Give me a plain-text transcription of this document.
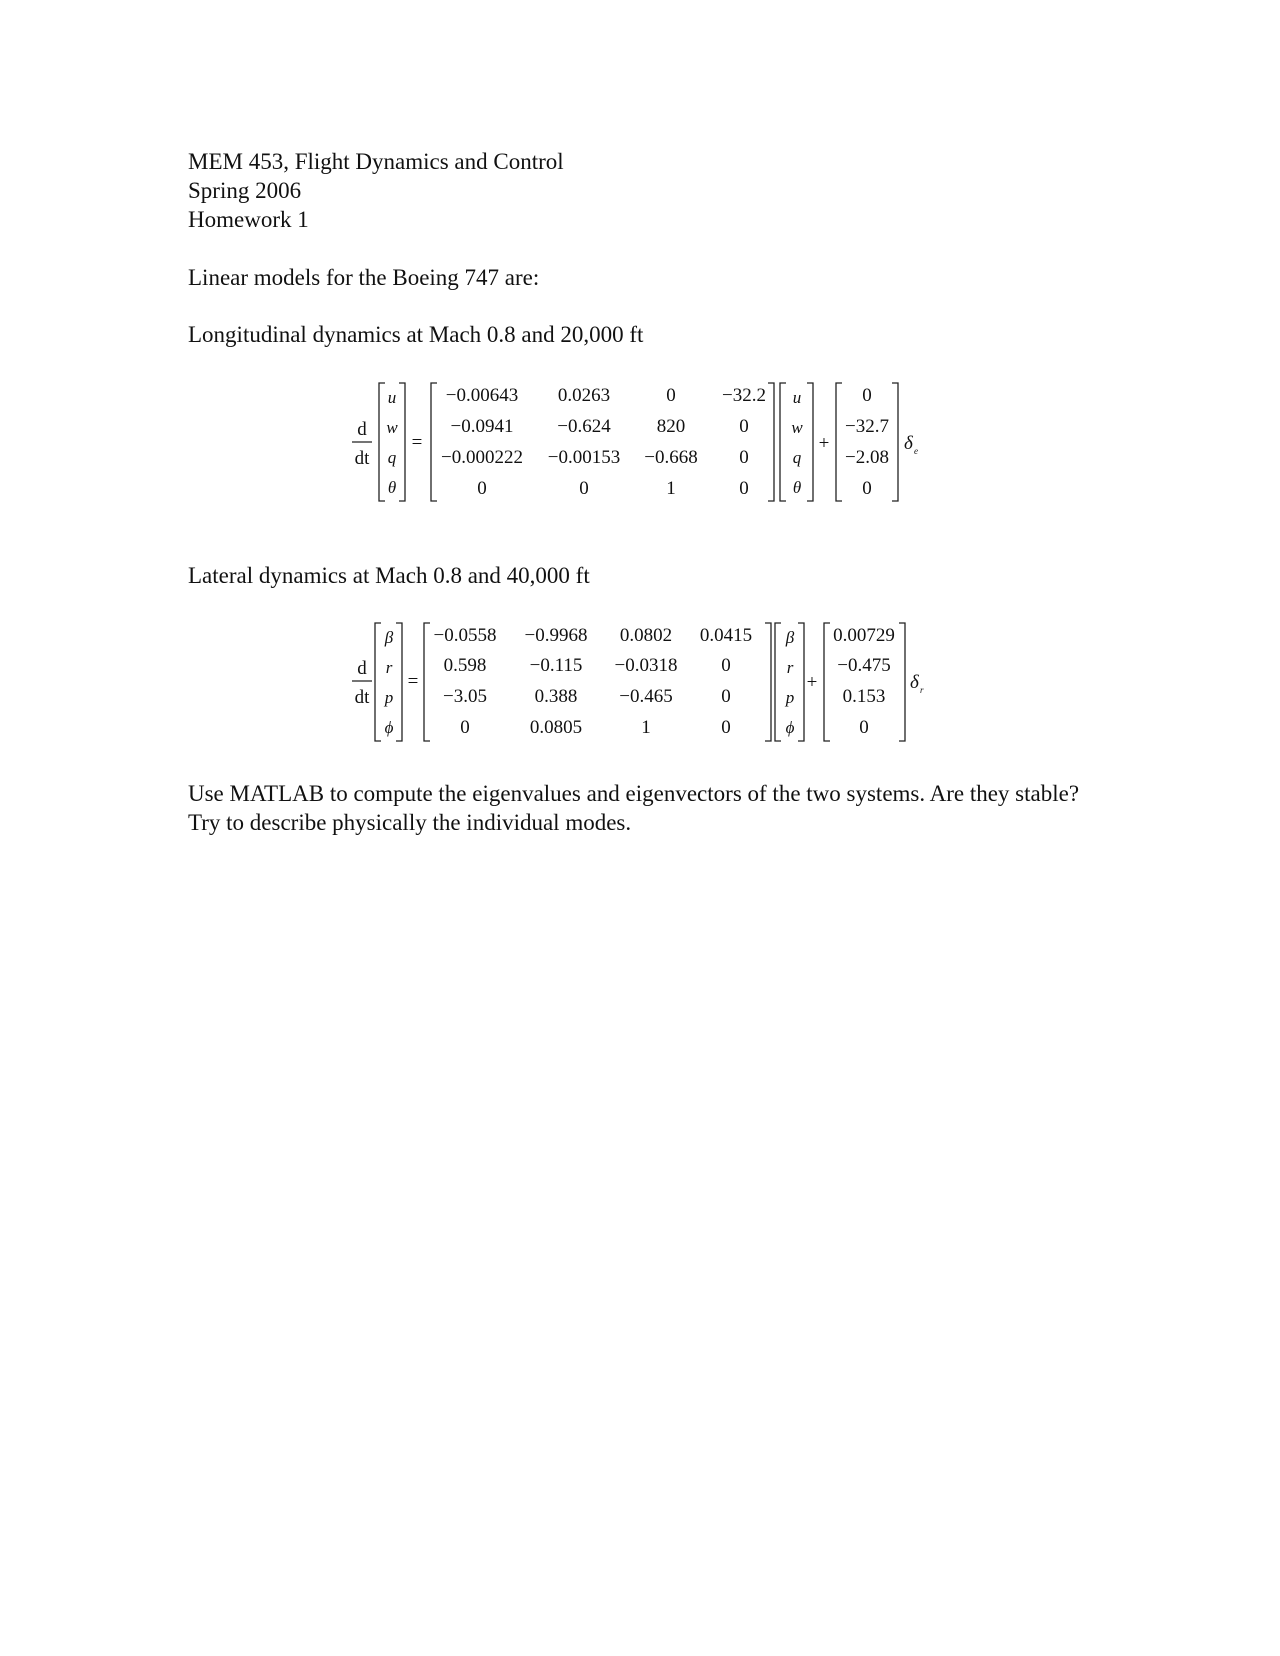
MEM 453, Flight Dynamics and Control
Spring 2006
Homework 1
Linear models for the Boeing 747 are:
Longitudinal dynamics at Mach 0.8 and 20,000 ft
d
dt
u
w
q
θ
=
−0.00643 0.0263	0 −32.2
−0.0941 −0.624 820	0
−0.000222 −0.00153 −0.668 0
0	0	1	0
u
w
q
θ
+
0
−32.7
−2.08
0
δ e
Lateral dynamics at Mach 0.8 and 40,000 ft
d
dt
β
r
p
ϕ
=
−0.0558 −0.9968 0.0802 0.0415
0.598 −0.115 −0.0318 0
−3.05	0.388 −0.465	0
0	0.0805	1	0
β
r
p
ϕ
+
0.00729
−0.475
0.153
0
δ r
Use MATLAB to compute the eigenvalues and eigenvectors of the two systems. Are they stable? Try to describe physically the individual modes.
